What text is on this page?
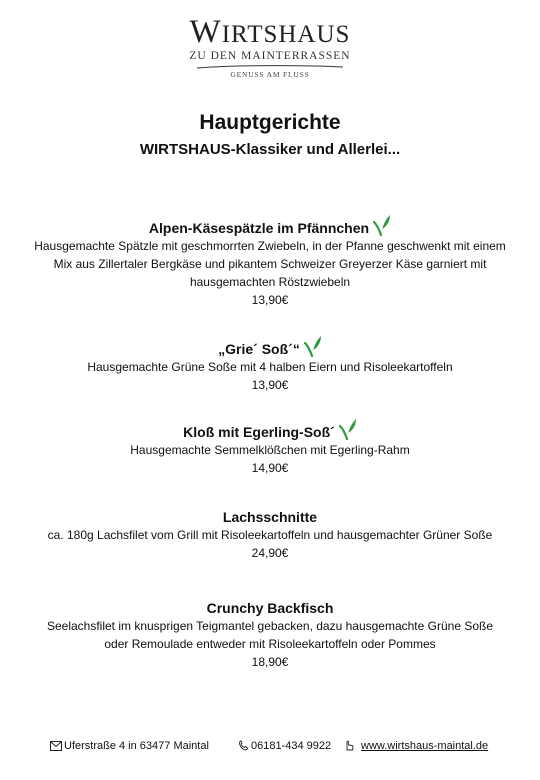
WIRTSHAUS
ZU DEN MAINTERRASSEN
GENUSS AM FLUSS
Hauptgerichte
WIRTSHAUS-Klassiker und Allerlei...
Alpen-Käsespätzle im Pfännchen
Hausgemachte Spätzle mit geschmorrten Zwiebeln, in der Pfanne geschwenkt mit einem
Mix aus Zillertaler Bergkäse und pikantem Schweizer Greyerzer Käse garniert mit
hausgemachten Röstzwiebeln
13,90€
„Grie´ Soß´“
Hausgemachte Grüne Soße mit 4 halben Eiern und Risoleekartoffeln
13,90€
Kloß mit Egerling-Soß´
Hausgemachte Semmelklößchen mit Egerling-Rahm
14,90€
Lachsschnitte
ca. 180g Lachsfilet vom Grill mit Risoleekartoffeln und hausgemachter Grüner Soße
24,90€
Crunchy Backfisch
Seelachsfilet im knusprigen Teigmantel gebacken, dazu hausgemachte Grüne Soße
oder Remoulade entweder mit Risoleekartoffeln oder Pommes
18,90€
Uferstraße 4 in 63477 Maintal	06181-434 9922	www.wirtshaus-maintal.de
